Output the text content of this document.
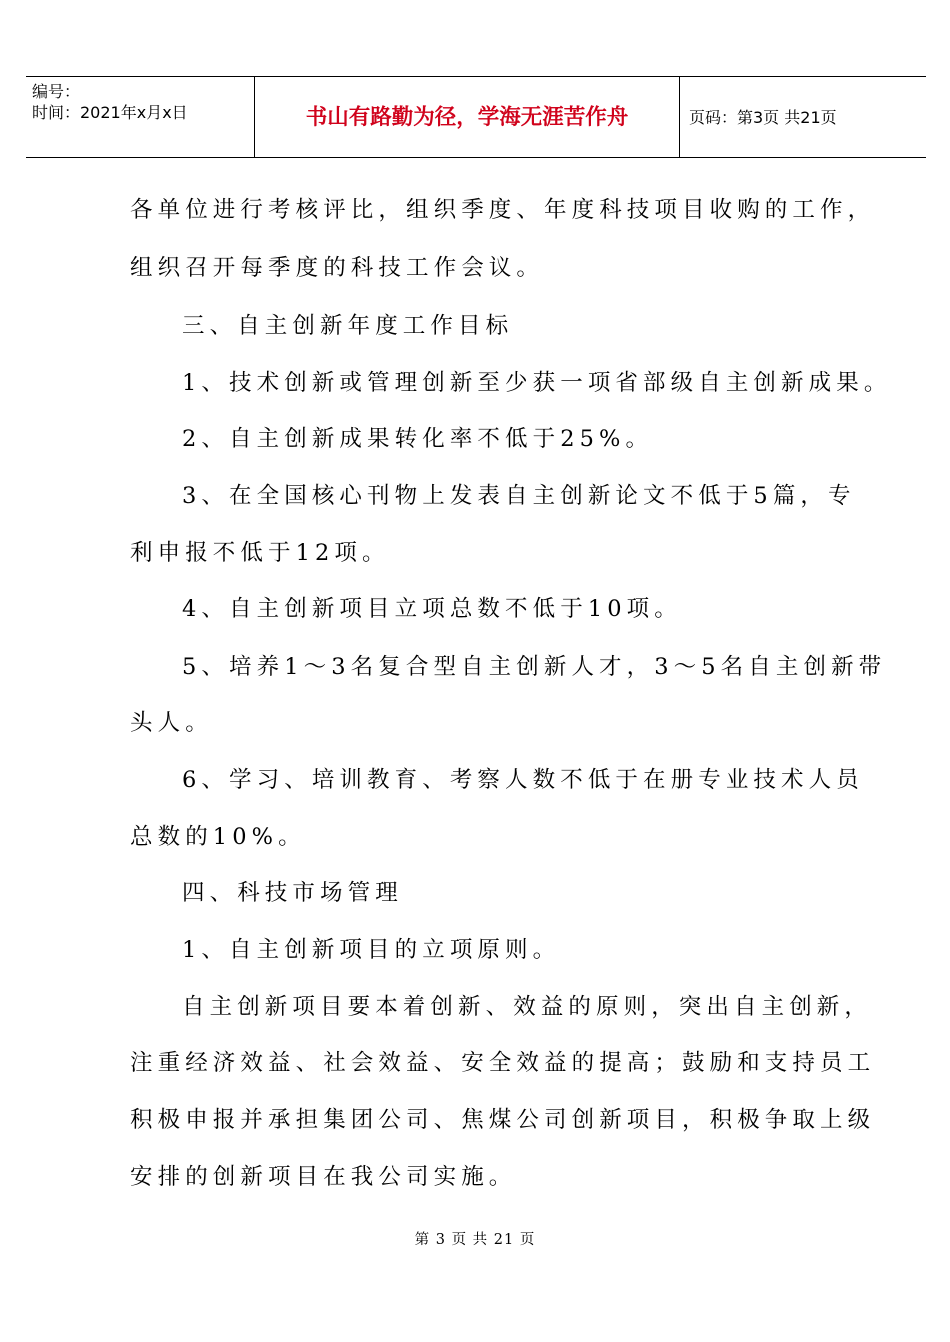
编号：
时间：2021年x月x日	书山有路勤为径，学海无涯苦作舟	页码：第3页 共21页
各单位进行考核评比，组织季度、年度科技项目收购的工作，
组织召开每季度的科技工作会议。
三、自主创新年度工作目标
1、技术创新或管理创新至少获一项省部级自主创新成果。
2、自主创新成果转化率不低于25%。
3、在全国核心刊物上发表自主创新论文不低于5篇，专
利申报不低于12项。
4、自主创新项目立项总数不低于10项。
5、培养1～3名复合型自主创新人才，3～5名自主创新带
头人。
6、学习、培训教育、考察人数不低于在册专业技术人员
总数的10%。
四、科技市场管理
1、自主创新项目的立项原则。
自主创新项目要本着创新、效益的原则，突出自主创新，
注重经济效益、社会效益、安全效益的提高；鼓励和支持员工
积极申报并承担集团公司、焦煤公司创新项目，积极争取上级
安排的创新项目在我公司实施。
第 3 页 共 21 页
